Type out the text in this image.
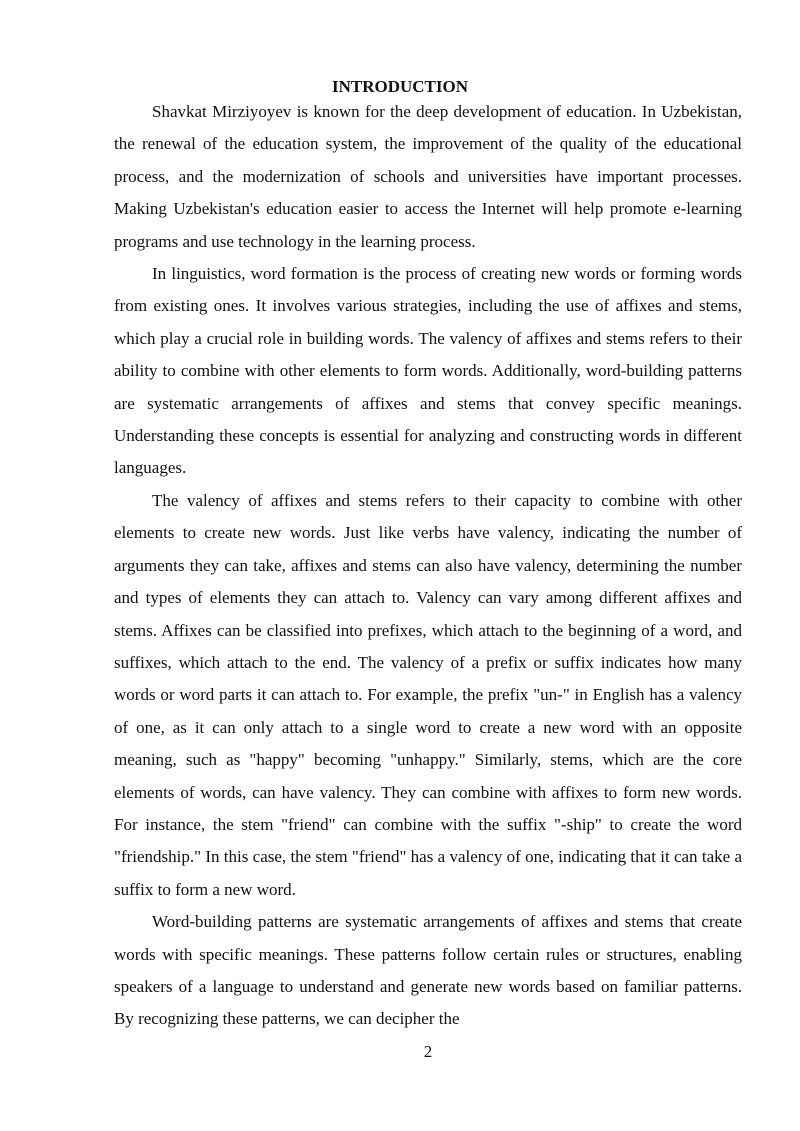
INTRODUCTION

Shavkat Mirziyoyev is known for the deep development of education. In Uzbekistan, the renewal of the education system, the improvement of the quality of the educational process, and the modernization of schools and universities have important processes. Making Uzbekistan's education easier to access the Internet will help promote e-learning programs and use technology in the learning process.

In linguistics, word formation is the process of creating new words or forming words from existing ones. It involves various strategies, including the use of affixes and stems, which play a crucial role in building words. The valency of affixes and stems refers to their ability to combine with other elements to form words. Additionally, word-building patterns are systematic arrangements of affixes and stems that convey specific meanings. Understanding these concepts is essential for analyzing and constructing words in different languages.

The valency of affixes and stems refers to their capacity to combine with other elements to create new words. Just like verbs have valency, indicating the number of arguments they can take, affixes and stems can also have valency, determining the number and types of elements they can attach to. Valency can vary among different affixes and stems. Affixes can be classified into prefixes, which attach to the beginning of a word, and suffixes, which attach to the end. The valency of a prefix or suffix indicates how many words or word parts it can attach to. For example, the prefix "un-" in English has a valency of one, as it can only attach to a single word to create a new word with an opposite meaning, such as "happy" becoming "unhappy." Similarly, stems, which are the core elements of words, can have valency. They can combine with affixes to form new words. For instance, the stem "friend" can combine with the suffix "-ship" to create the word "friendship." In this case, the stem "friend" has a valency of one, indicating that it can take a suffix to form a new word.

Word-building patterns are systematic arrangements of affixes and stems that create words with specific meanings. These patterns follow certain rules or structures, enabling speakers of a language to understand and generate new words based on familiar patterns. By recognizing these patterns, we can decipher the

2
